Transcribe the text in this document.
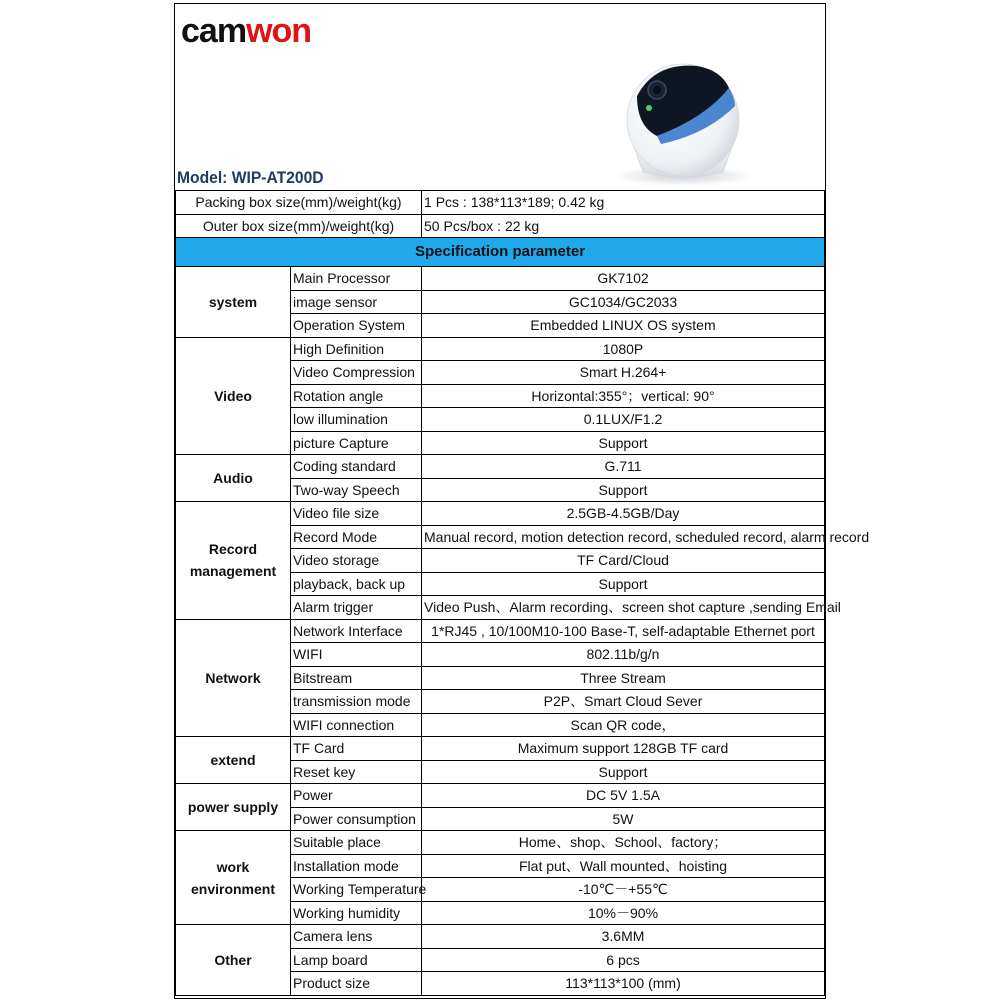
camwon
Model: WIP-AT200D
Packing box size(mm)/weight(kg)		1 Pcs : 138*113*189; 0.42 kg
Outer box size(mm)/weight(kg)		50 Pcs/box : 22 kg
Specification parameter		
system	Main Processor	GK7102
	image sensor	GC1034/GC2033
	Operation System	Embedded LINUX OS system
Video	High Definition	1080P
	Video Compression	Smart H.264+
	Rotation angle	Horizontal:355°；vertical: 90°
	low illumination	0.1LUX/F1.2
	picture Capture	Support
Audio	Coding standard	G.711
	Two-way Speech	Support
Record management	Video file size	2.5GB-4.5GB/Day
	Record Mode	Manual record, motion detection record, scheduled record, alarm record
	Video storage	TF Card/Cloud
	playback, back up	Support
	Alarm trigger	Video Push、Alarm recording、screen shot capture ,sending Email
Network	Network Interface	1*RJ45 , 10/100M10-100 Base-T, self-adaptable Ethernet port
	WIFI	802.11b/g/n
	Bitstream	Three Stream
	transmission mode	P2P、Smart Cloud Sever
	WIFI connection	Scan QR code，
extend	TF Card	Maximum support 128GB TF card
	Reset key	Support
power supply	Power	DC 5V 1.5A
	Power consumption	5W
work environment	Suitable place	Home、shop、School、factory；
	Installation mode	Flat put、Wall mounted、hoisting
	Working Temperature	-10℃－+55℃
	Working humidity	10%－90%
Other	Camera lens	3.6MM
	Lamp board	6 pcs
	Product size	113*113*100 (mm)
